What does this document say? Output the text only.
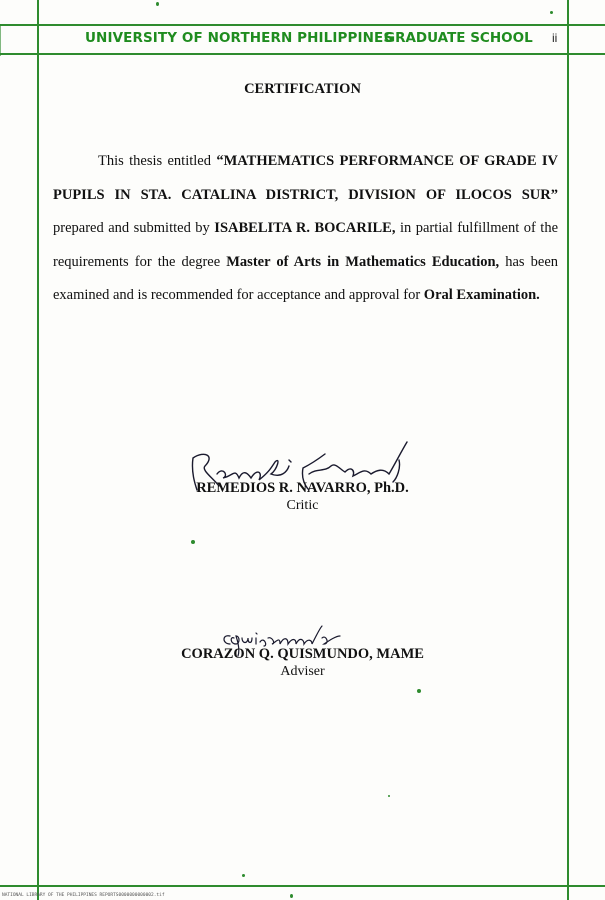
UNIVERSITY OF NORTHERN PHILIPPINES
GRADUATE SCHOOL ii
CERTIFICATION
This thesis entitled “MATHEMATICS PERFORMANCE OF GRADE IV PUPILS IN STA. CATALINA DISTRICT, DIVISION OF ILOCOS SUR” prepared and submitted by ISABELITA R. BOCARILE, in partial fulfillment of the requirements for the degree Master of Arts in Mathematics Education, has been examined and is recommended for acceptance and approval for Oral Examination.
REMEDIOS R. NAVARRO, Ph.D.
Critic
CORAZON Q. QUISMUNDO, MAME
Adviser
NATIONAL LIBRARY OF THE PHILIPPINES REPORTS0000000000002.tif
